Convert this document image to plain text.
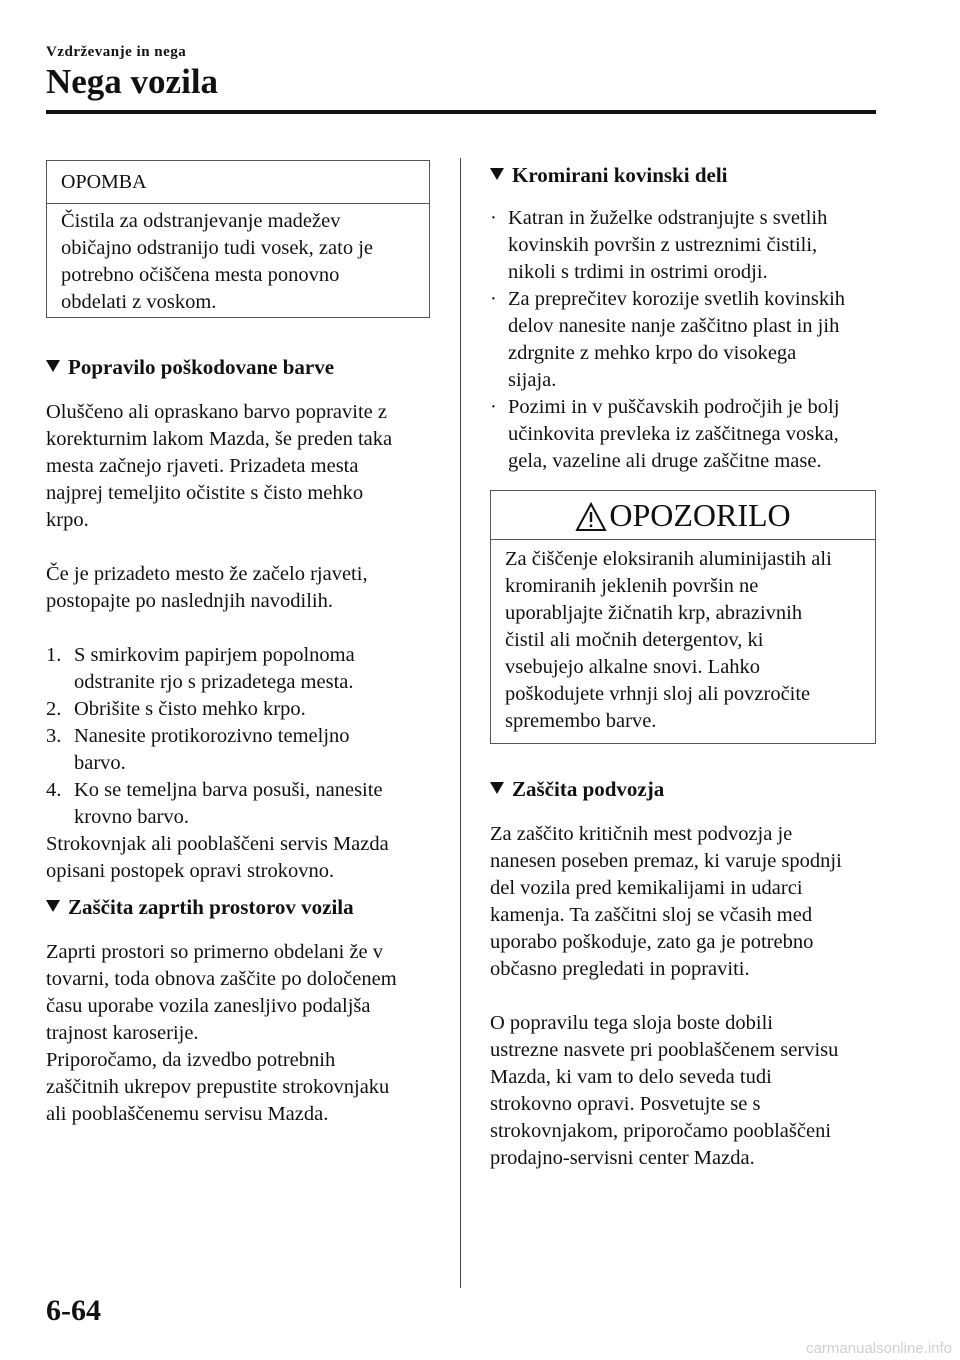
Vzdrževanje in nega
Nega vozila
OPOMBA
Čistila za odstranjevanje madežev
običajno odstranijo tudi vosek, zato je
potrebno očiščena mesta ponovno
obdelati z voskom.

Popravilo poškodovane barve

Oluščeno ali opraskano barvo popravite z
korekturnim lakom Mazda, še preden taka
mesta začnejo rjaveti. Prizadeta mesta
najprej temeljito očistite s čisto mehko
krpo.
Če je prizadeto mesto že začelo rjaveti,
postopajte po naslednjih navodilih.
1. S smirkovim papirjem popolnoma
odstranite rjo s prizadetega mesta.
2. Obrišite s čisto mehko krpo.
3. Nanesite protikorozivno temeljno
barvo.
4. Ko se temeljna barva posuši, nanesite
krovno barvo.
Strokovnjak ali pooblaščeni servis Mazda
opisani postopek opravi strokovno.

Zaščita zaprtih prostorov vozila

Zaprti prostori so primerno obdelani že v
tovarni, toda obnova zaščite po določenem
času uporabe vozila zanesljivo podaljša
trajnost karoserije.
Priporočamo, da izvedbo potrebnih
zaščitnih ukrepov prepustite strokovnjaku
ali pooblaščenemu servisu Mazda.

Kromirani kovinski deli

· Katran in žuželke odstranjujte s svetlih
kovinskih površin z ustreznimi čistili,
nikoli s trdimi in ostrimi orodji.
· Za preprečitev korozije svetlih kovinskih
delov nanesite nanje zaščitno plast in jih
zdrgnite z mehko krpo do visokega
sijaja.
· Pozimi in v puščavskih področjih je bolj
učinkovita prevleka iz zaščitnega voska,
gela, vazeline ali druge zaščitne mase.
OPOZORILO
Za čiščenje eloksiranih aluminijastih ali
kromiranih jeklenih površin ne
uporabljajte žičnatih krp, abrazivnih
čistil ali močnih detergentov, ki
vsebujejo alkalne snovi. Lahko
poškodujete vrhnji sloj ali povzročite
spremembo barve.

Zaščita podvozja

Za zaščito kritičnih mest podvozja je
nanesen poseben premaz, ki varuje spodnji
del vozila pred kemikalijami in udarci
kamenja. Ta zaščitni sloj se včasih med
uporabo poškoduje, zato ga je potrebno
občasno pregledati in popraviti.
O popravilu tega sloja boste dobili
ustrezne nasvete pri pooblaščenem servisu
Mazda, ki vam to delo seveda tudi
strokovno opravi. Posvetujte se s
strokovnjakom, priporočamo pooblaščeni
prodajno-servisni center Mazda.
6-64
carmanualsonline.info
